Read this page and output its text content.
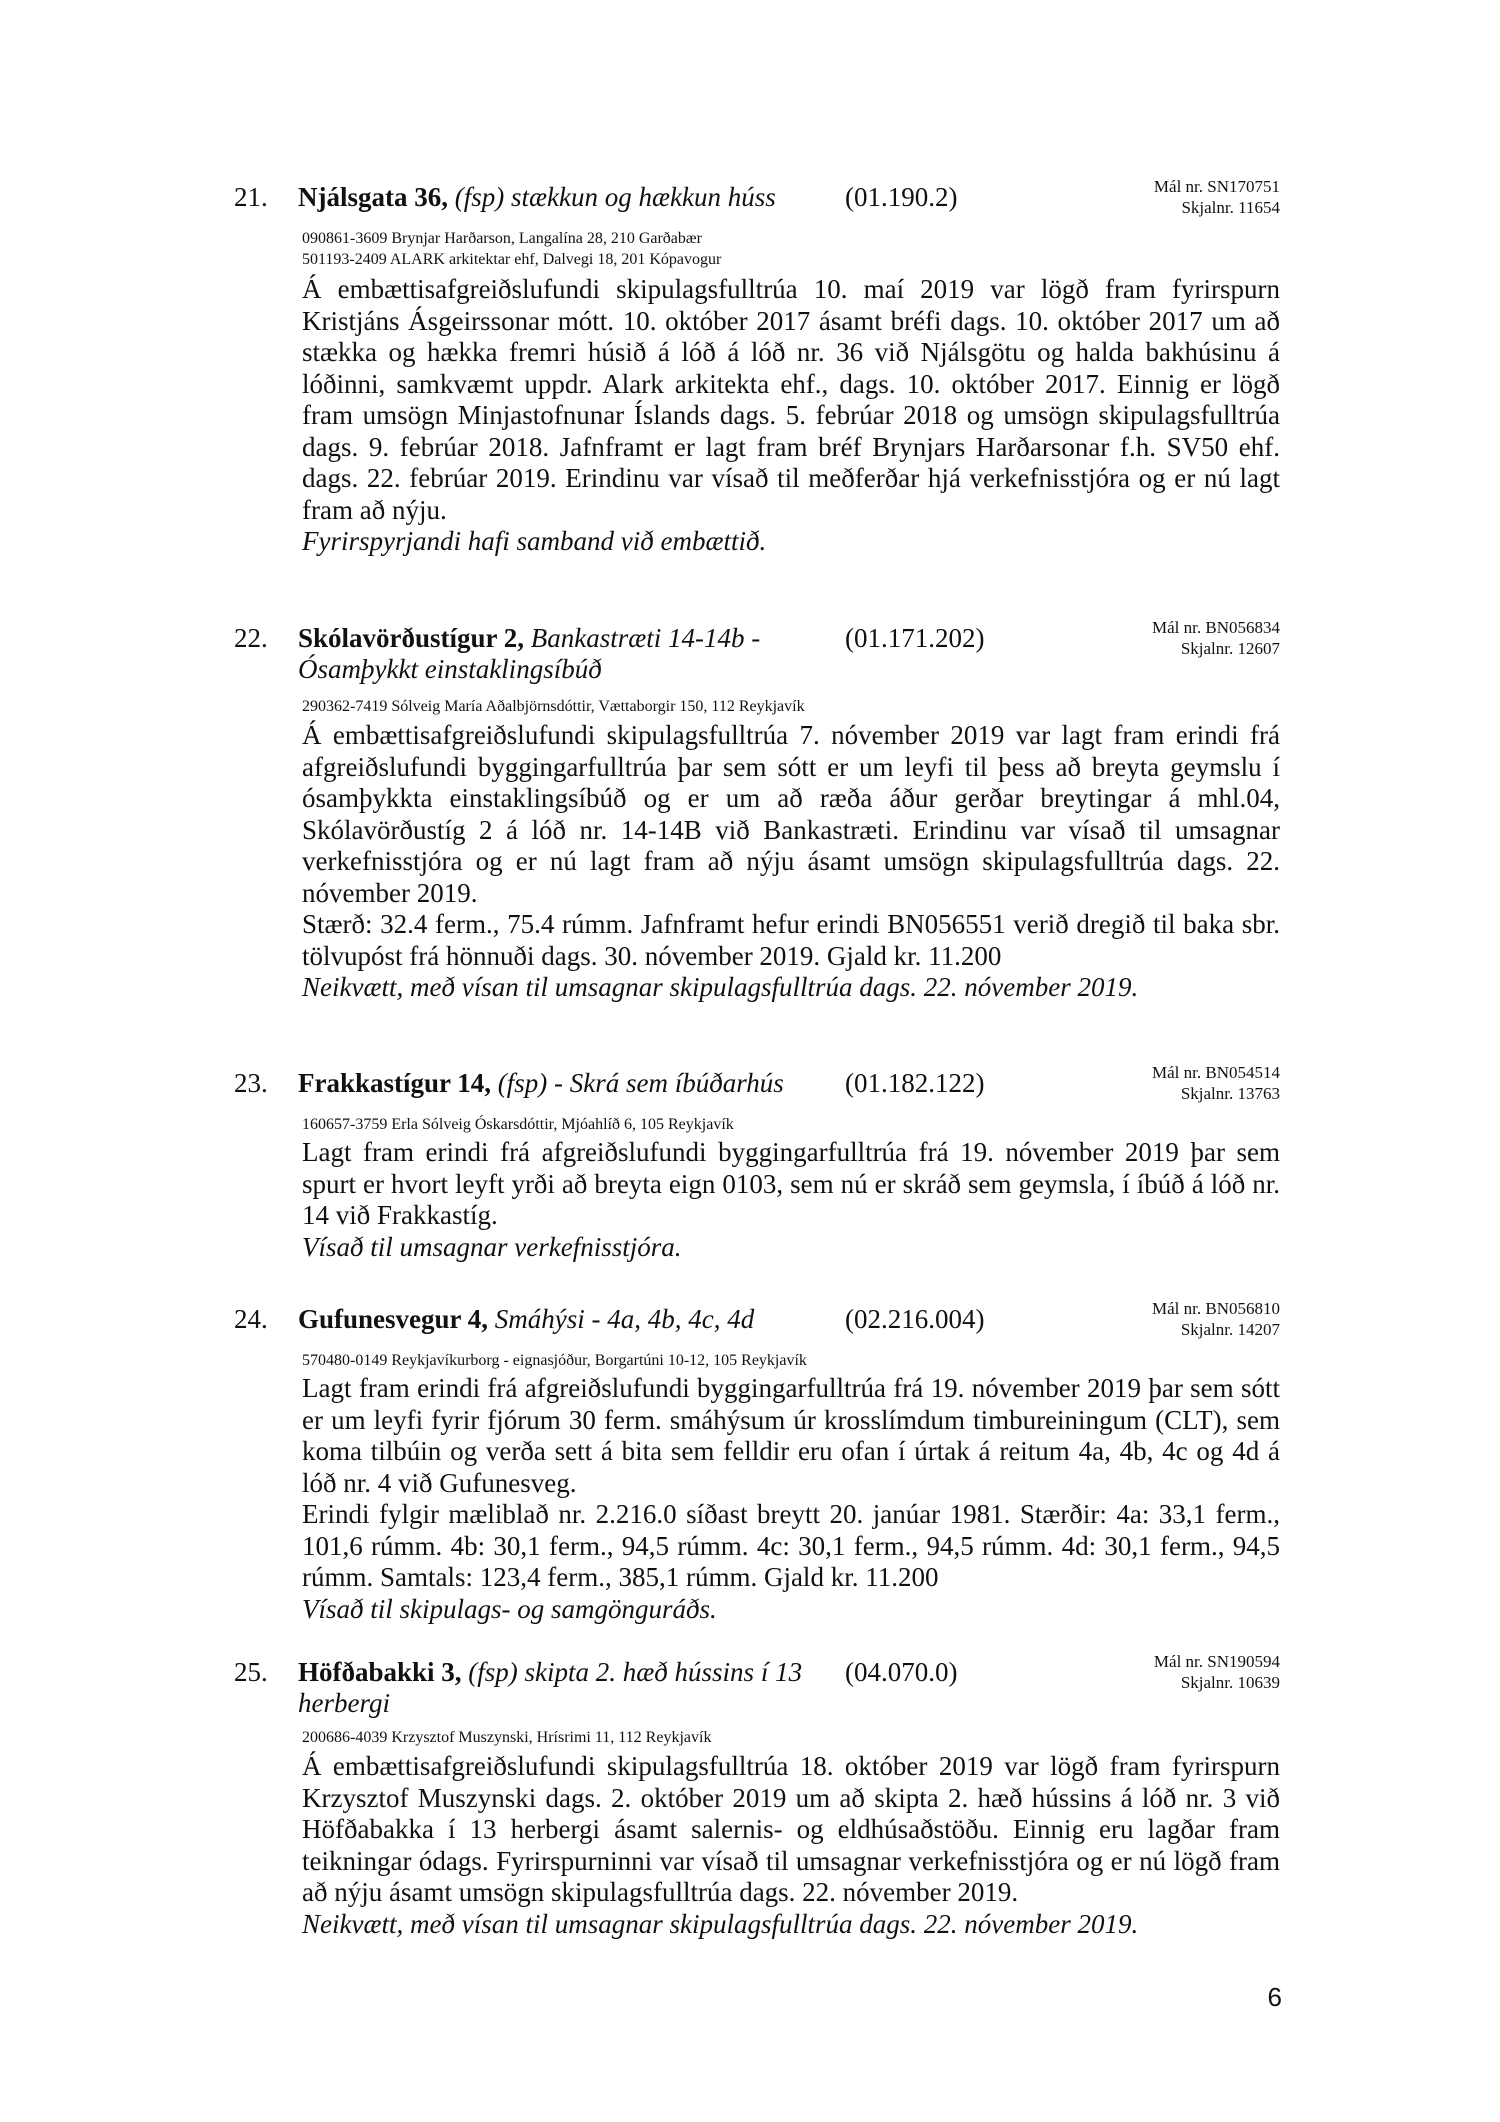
21. Njálsgata 36, (fsp) stækkun og hækkun húss	(01.190.2)	Mál nr. SN170751
Skjalnr. 11654
090861-3609 Brynjar Harðarson, Langalína 28, 210 Garðabær
501193-2409 ALARK arkitektar ehf, Dalvegi 18, 201 Kópavogur

Á embættisafgreiðslufundi skipulagsfulltrúa 10. maí 2019 var lögð fram fyrirspurn Kristjáns Ásgeirssonar mótt. 10. október 2017 ásamt bréfi dags. 10. október 2017 um að stækka og hækka fremri húsið á lóð á lóð nr. 36 við Njálsgötu og halda bakhúsinu á lóðinni, samkvæmt uppdr. Alark arkitekta ehf., dags. 10. október 2017. Einnig er lögð fram umsögn Minjastofnunar Íslands dags. 5. febrúar 2018 og umsögn skipulagsfulltrúa dags. 9. febrúar 2018. Jafnframt er lagt fram bréf Brynjars Harðarsonar f.h. SV50 ehf. dags. 22. febrúar 2019. Erindinu var vísað til meðferðar hjá verkefnisstjóra og er nú lagt fram að nýju.

Fyrirspyrjandi hafi samband við embættið.

22. Skólavörðustígur 2, Bankastræti 14-14b - Ósamþykkt einstaklingsíbúð
(01.171.202)	Mál nr. BN056834
Skjalnr. 12607
290362-7419 Sólveig María Aðalbjörnsdóttir, Vættaborgir 150, 112 Reykjavík

Á embættisafgreiðslufundi skipulagsfulltrúa 7. nóvember 2019 var lagt fram erindi frá afgreiðslufundi byggingarfulltrúa þar sem sótt er um leyfi til þess að breyta geymslu í ósamþykkta einstaklingsíbúð og er um að ræða áður gerðar breytingar á mhl.04, Skólavörðustíg 2 á lóð nr. 14-14B við Bankastræti. Erindinu var vísað til umsagnar verkefnisstjóra og er nú lagt fram að nýju ásamt umsögn skipulagsfulltrúa dags. 22. nóvember 2019.

Stærð: 32.4 ferm., 75.4 rúmm. Jafnframt hefur erindi BN056551 verið dregið til baka sbr. tölvupóst frá hönnuði dags. 30. nóvember 2019. Gjald kr. 11.200

Neikvætt, með vísan til umsagnar skipulagsfulltrúa dags. 22. nóvember 2019.

23. Frakkastígur 14, (fsp) - Skrá sem íbúðarhús	(01.182.122)	Mál nr. BN054514
Skjalnr. 13763
160657-3759 Erla Sólveig Óskarsdóttir, Mjóahlíð 6, 105 Reykjavík

Lagt fram erindi frá afgreiðslufundi byggingarfulltrúa frá 19. nóvember 2019 þar sem spurt er hvort leyft yrði að breyta eign 0103, sem nú er skráð sem geymsla, í íbúð á lóð nr. 14 við Frakkastíg.

Vísað til umsagnar verkefnisstjóra.

24. Gufunesvegur 4, Smáhýsi - 4a, 4b, 4c, 4d	(02.216.004)	Mál nr. BN056810
Skjalnr. 14207
570480-0149 Reykjavíkurborg - eignasjóður, Borgartúni 10-12, 105 Reykjavík

Lagt fram erindi frá afgreiðslufundi byggingarfulltrúa frá 19. nóvember 2019 þar sem sótt er um leyfi fyrir fjórum 30 ferm. smáhýsum úr krosslímdum timbureiningum (CLT), sem koma tilbúin og verða sett á bita sem felldir eru ofan í úrtak á reitum 4a, 4b, 4c og 4d á lóð nr. 4 við Gufunesveg.

Erindi fylgir mæliblað nr. 2.216.0 síðast breytt 20. janúar 1981. Stærðir: 4a: 33,1 ferm., 101,6 rúmm. 4b: 30,1 ferm., 94,5 rúmm. 4c: 30,1 ferm., 94,5 rúmm. 4d: 30,1 ferm., 94,5 rúmm. Samtals: 123,4 ferm., 385,1 rúmm. Gjald kr. 11.200

Vísað til skipulags- og samgönguráðs.

25. Höfðabakki 3, (fsp) skipta 2. hæð hússins í 13 herbergi
(04.070.0)	Mál nr. SN190594
Skjalnr. 10639
200686-4039 Krzysztof Muszynski, Hrísrimi 11, 112 Reykjavík

Á embættisafgreiðslufundi skipulagsfulltrúa 18. október 2019 var lögð fram fyrirspurn Krzysztof Muszynski dags. 2. október 2019 um að skipta 2. hæð hússins á lóð nr. 3 við Höfðabakka í 13 herbergi ásamt salernis- og eldhúsaðstöðu. Einnig eru lagðar fram teikningar ódags. Fyrirspurninni var vísað til umsagnar verkefnisstjóra og er nú lögð fram að nýju ásamt umsögn skipulagsfulltrúa dags. 22. nóvember 2019.

Neikvætt, með vísan til umsagnar skipulagsfulltrúa dags. 22. nóvember 2019.

6
